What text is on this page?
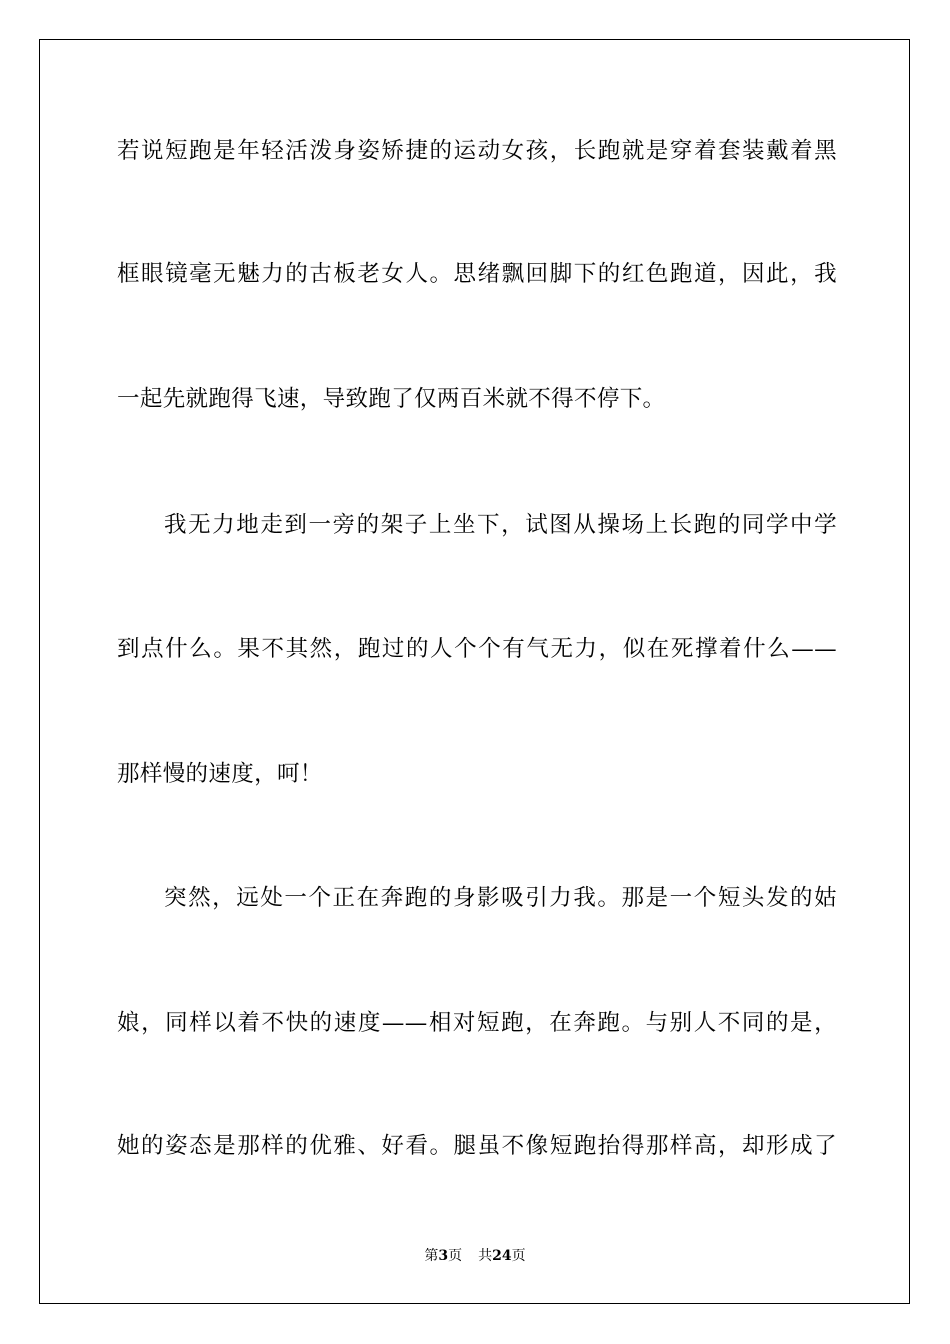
若说短跑是年轻活泼身姿矫捷的运动女孩，长跑就是穿着套装戴着黑
框眼镜毫无魅力的古板老女人。思绪飘回脚下的红色跑道，因此，我
一起先就跑得飞速，导致跑了仅两百米就不得不停下。
我无力地走到一旁的架子上坐下，试图从操场上长跑的同学中学
到点什么。果不其然，跑过的人个个有气无力，似在死撑着什么——
那样慢的速度，呵！
突然，远处一个正在奔跑的身影吸引力我。那是一个短头发的姑
娘，同样以着不快的速度——相对短跑，在奔跑。与别人不同的是，
她的姿态是那样的优雅、好看。腿虽不像短跑抬得那样高，却形成了
第3页 共24页
